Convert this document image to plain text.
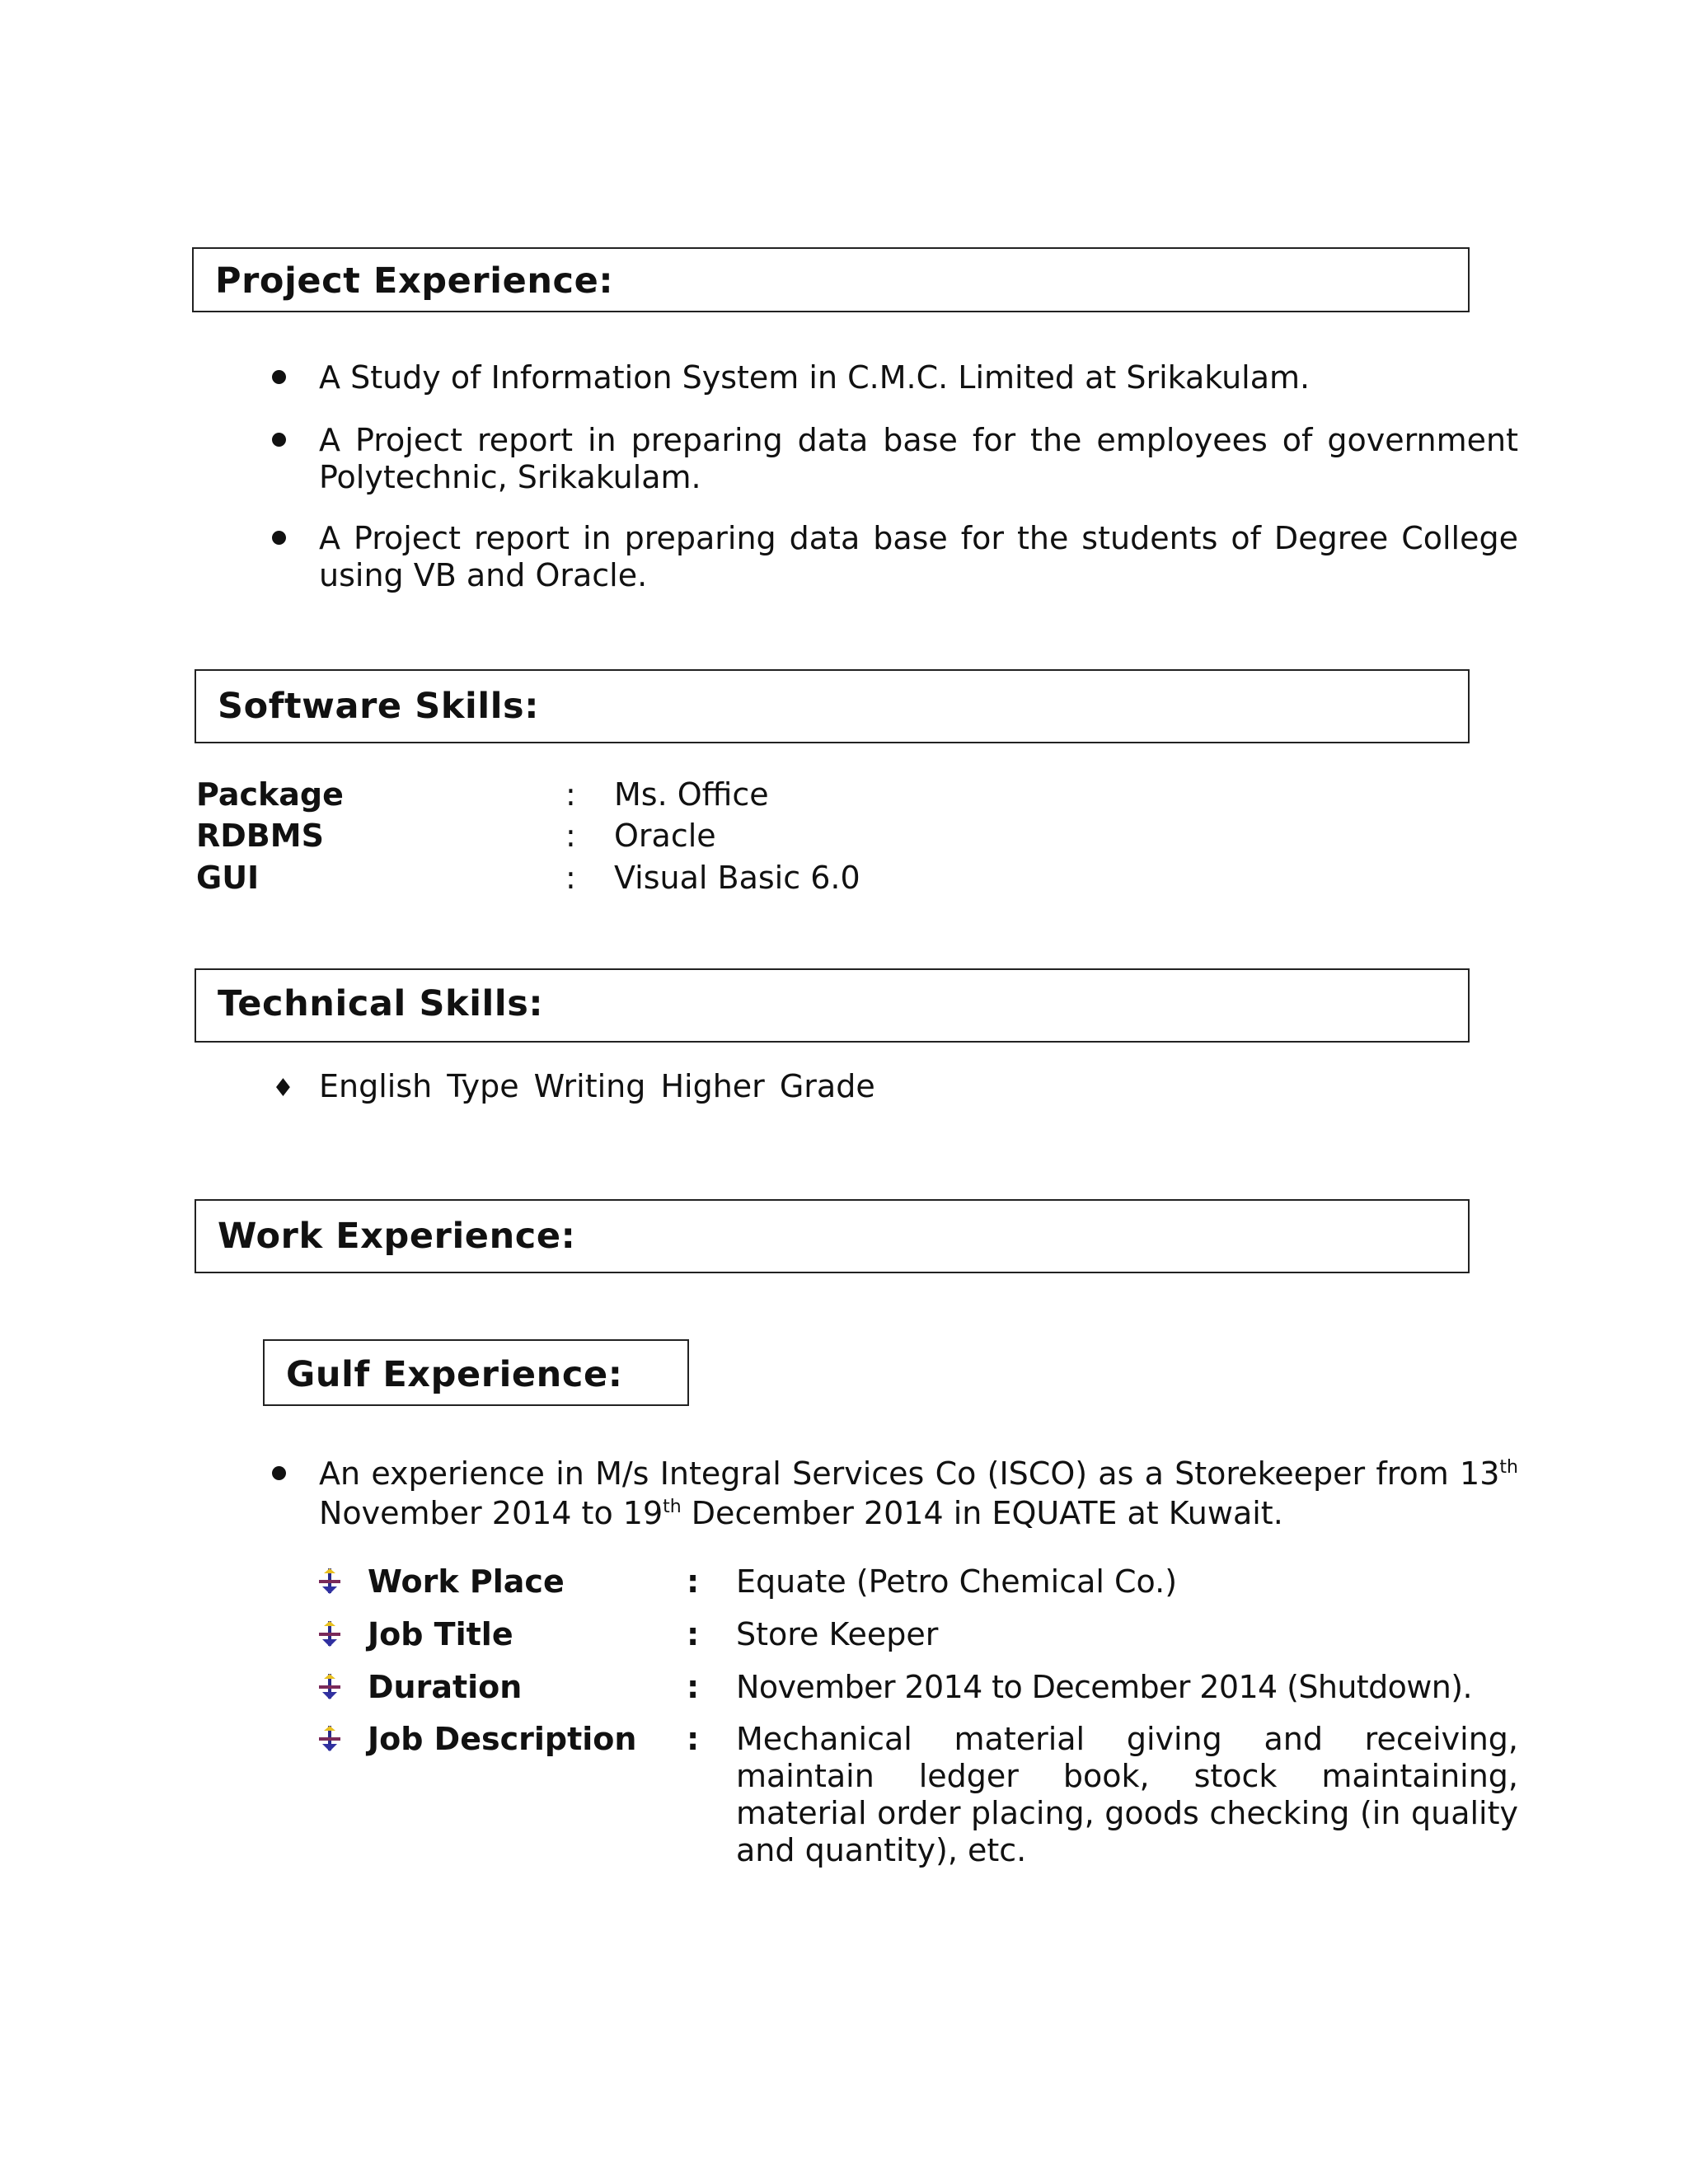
Project Experience:
A Study of Information System in C.M.C. Limited at Srikakulam.
A Project report in preparing data base for the employees of government Polytechnic, Srikakulam.
A Project report in preparing data base for the students of Degree College using VB and Oracle.
Software Skills:
Package	: Ms. Office
RDBMS	: Oracle
GUI	: Visual Basic 6.0
Technical Skills:
♦ English Type Writing Higher Grade
Work Experience:
Gulf Experience:
An experience in M/s Integral Services Co (ISCO) as a Storekeeper from 13th November 2014 to 19th December 2014 in EQUATE at Kuwait.
Work Place	: Equate (Petro Chemical Co.)
Job Title	: Store Keeper
Duration	: November 2014 to December 2014 (Shutdown).
Job Description : Mechanical material giving and receiving, maintain ledger book, stock maintaining, material order placing, goods checking (in quality and quantity), etc.
